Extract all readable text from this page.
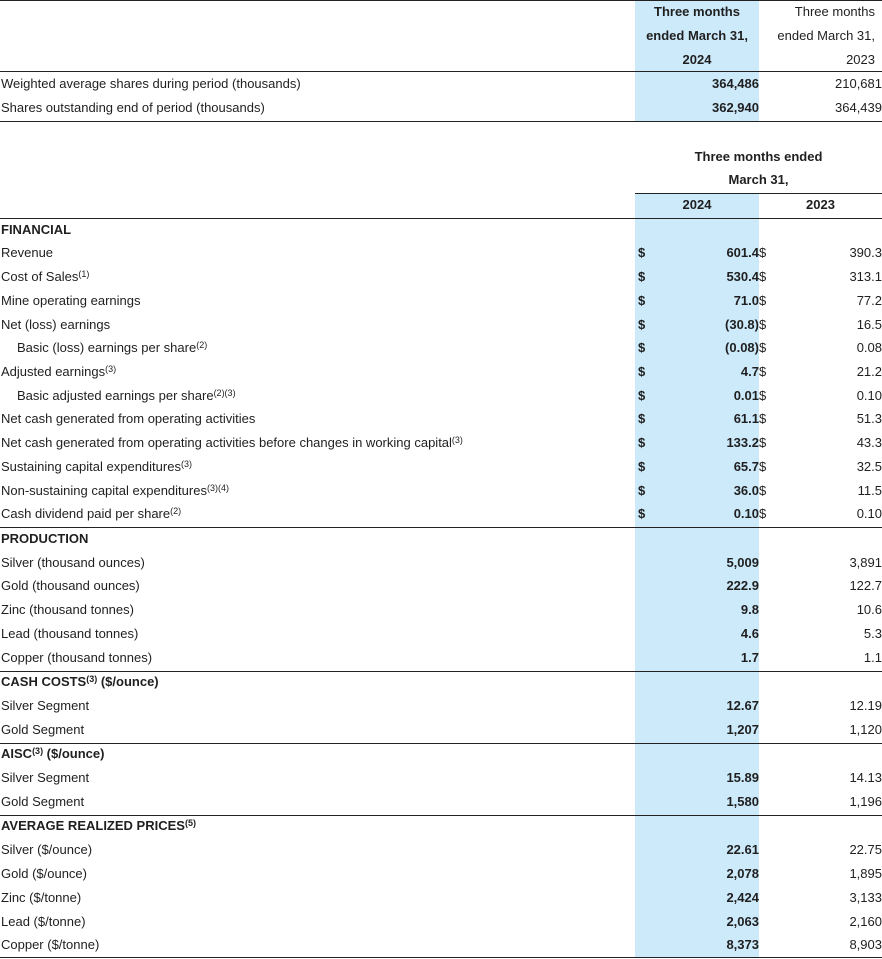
Three months
ended March 31,
2024
Three months
ended March 31,
2023
Weighted average shares during period (thousands)	364,486	210,681
Shares outstanding end of period (thousands)	362,940	364,439
Three months ended
March 31,
2024	2023
FINANCIAL
Revenue	$	601.4 $	390.3
Cost of Sales$^{(1)}$	$	530.4 $	313.1
Mine operating earnings	$	71.0 $	77.2
Net (loss) earnings	$	(30.8) $	16.5
Basic (loss) earnings per share$^{(2)}$	$	(0.08) $	0.08
Adjusted earnings$^{(3)}$	$	4.7 $	21.2
Basic adjusted earnings per share$^{(2)(3)}$	$	0.01 $	0.10
Net cash generated from operating activities	$	61.1 $	51.3
Net cash generated from operating activities before changes in working capital$^{(3)}$	$	133.2 $	43.3
Sustaining capital expenditures$^{(3)}$	$	65.7 $	32.5
Non-sustaining capital expenditures$^{(3)(4)}$	$	36.0 $	11.5
Cash dividend paid per share$^{(2)}$	$	0.10 $	0.10
PRODUCTION
Silver (thousand ounces)	5,009	3,891
Gold (thousand ounces)	222.9	122.7
Zinc (thousand tonnes)	9.8	10.6
Lead (thousand tonnes)	4.6	5.3
Copper (thousand tonnes)	1.7	1.1
CASH COSTS$^{(3)}$ ($/ounce)
Silver Segment	12.67	12.19
Gold Segment	1,207	1,120
AISC$^{(3)}$ ($/ounce)
Silver Segment	15.89	14.13
Gold Segment	1,580	1,196
AVERAGE REALIZED PRICES$^{(5)}$
Silver ($/ounce)	22.61	22.75
Gold ($/ounce)	2,078	1,895
Zinc ($/tonne)	2,424	3,133
Lead ($/tonne)	2,063	2,160
Copper ($/tonne)	8,373	8,903
